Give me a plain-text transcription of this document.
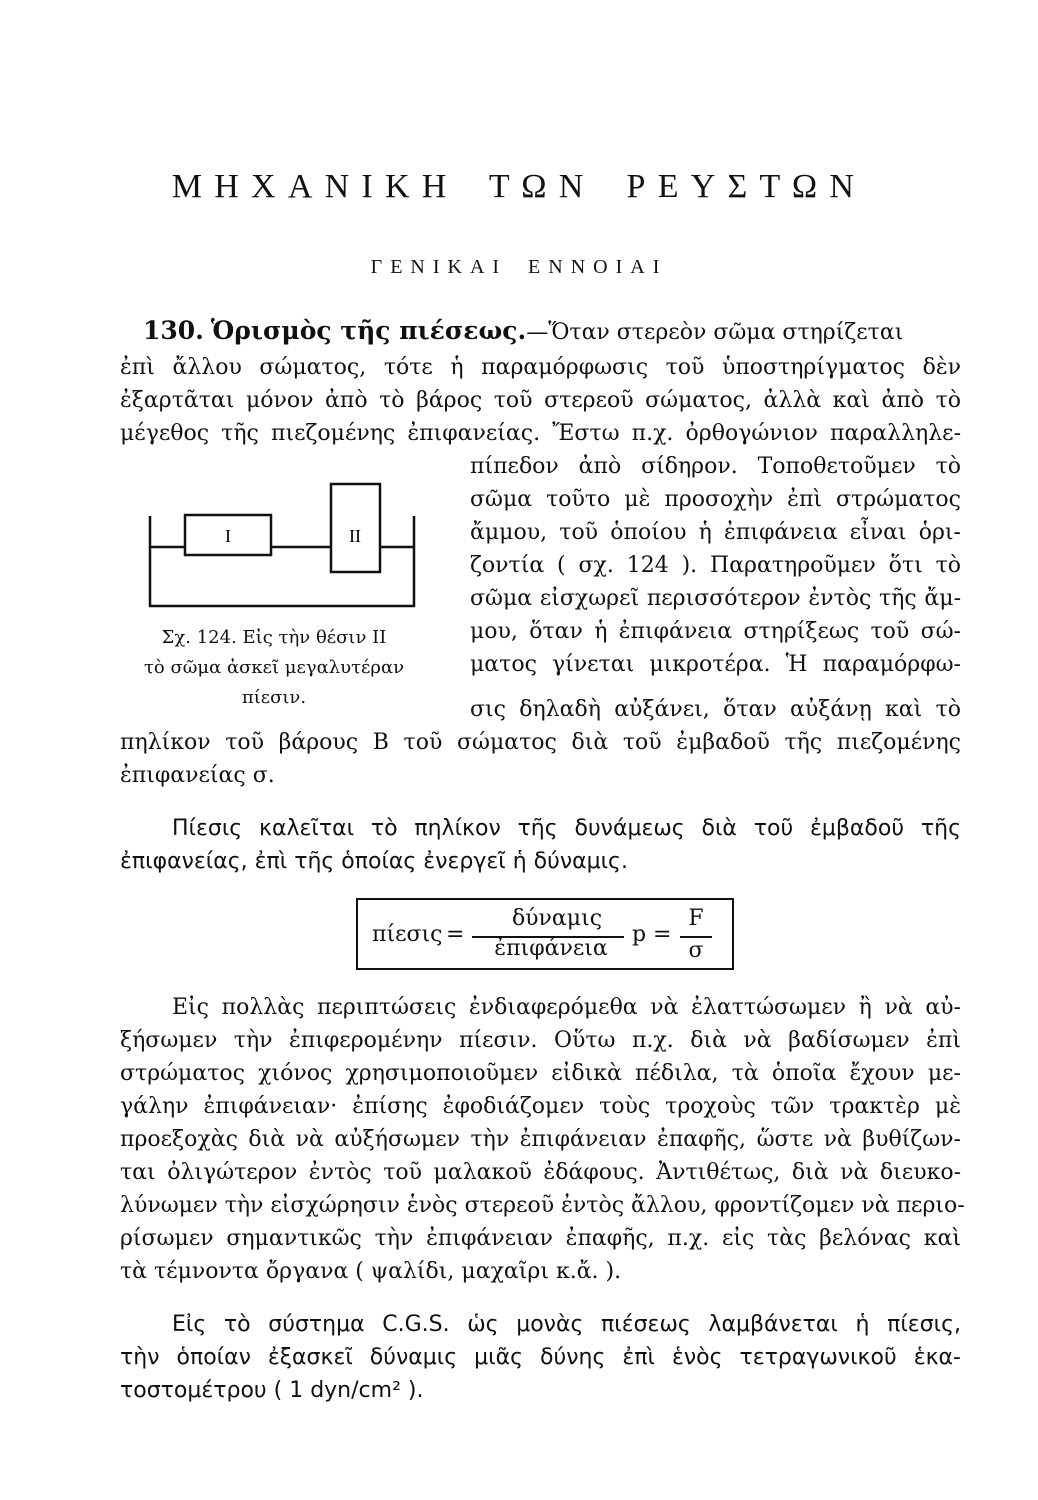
ΜΗΧΑΝΙΚΗ ΤΩΝ ΡΕΥΣΤΩΝ
ΓΕΝΙΚΑΙ ΕΝΝΟΙΑΙ
130. Ὁρισμὸς τῆς πιέσεως.—Ὅταν στερεὸν σῶμα στηρίζεται
ἐπὶ ἄλλου σώματος, τότε ἡ παραμόρφωσις τοῦ ὑποστηρίγματος δὲν
ἐξαρτᾶται μόνον ἀπὸ τὸ βάρος τοῦ στερεοῦ σώματος, ἀλλὰ καὶ ἀπὸ τὸ
μέγεθος τῆς πιεζομένης ἐπιφανείας. Ἔστω π.χ. ὀρθογώνιον παραλληλε-
πίπεδον ἀπὸ σίδηρον. Τοποθετοῦμεν τὸ
σῶμα τοῦτο μὲ προσοχὴν ἐπὶ στρώματος
ἄμμου, τοῦ ὁποίου ἡ ἐπιφάνεια εἶναι ὁρι-
ζοντία ( σχ. 124 ). Παρατηροῦμεν ὅτι τὸ
σῶμα εἰσχωρεῖ περισσότερον ἐντὸς τῆς ἄμ-
μου, ὅταν ἡ ἐπιφάνεια στηρίξεως τοῦ σώ-
ματος γίνεται μικροτέρα. Ἡ παραμόρφω-
σις δηλαδὴ αὐξάνει, ὅταν αὐξάνῃ καὶ τὸ
I	II
Σχ. 124. Εἰς τὴν θέσιν ΙΙ
τὸ σῶμα ἀσκεῖ μεγαλυτέραν
πίεσιν.
πηλίκον τοῦ βάρους Β τοῦ σώματος διὰ τοῦ ἐμβαδοῦ τῆς πιεζομένης
ἐπιφανείας σ.
Πίεσις καλεῖται τὸ πηλίκον τῆς δυνάμεως διὰ τοῦ ἐμβαδοῦ τῆς
ἐπιφανείας, ἐπὶ τῆς ὁποίας ἐνεργεῖ ἡ δύναμις.
πίεσις =
δύναμις
ἐπιφάνεια
p =
F
σ
Εἰς πολλὰς περιπτώσεις ἐνδιαφερόμεθα νὰ ἐλαττώσωμεν ἢ νὰ αὐ-
ξήσωμεν τὴν ἐπιφερομένην πίεσιν. Οὕτω π.χ. διὰ νὰ βαδίσωμεν ἐπὶ
στρώματος χιόνος χρησιμοποιοῦμεν εἰδικὰ πέδιλα, τὰ ὁποῖα ἔχουν με-
γάλην ἐπιφάνειαν· ἐπίσης ἐφοδιάζομεν τοὺς τροχοὺς τῶν τρακτὲρ μὲ
προεξοχὰς διὰ νὰ αὐξήσωμεν τὴν ἐπιφάνειαν ἐπαφῆς, ὥστε νὰ βυθίζων-
ται ὀλιγώτερον ἐντὸς τοῦ μαλακοῦ ἐδάφους. Ἀντιθέτως, διὰ νὰ διευκο-
λύνωμεν τὴν εἰσχώρησιν ἑνὸς στερεοῦ ἐντὸς ἄλλου, φροντίζομεν νὰ περιο-
ρίσωμεν σημαντικῶς τὴν ἐπιφάνειαν ἐπαφῆς, π.χ. εἰς τὰς βελόνας καὶ
τὰ τέμνοντα ὄργανα ( ψαλίδι, μαχαῖρι κ.ἄ. ).
Εἰς τὸ σύστημα C.G.S. ὡς μονὰς πιέσεως λαμβάνεται ἡ πίεσις,
τὴν ὁποίαν ἐξασκεῖ δύναμις μιᾶς δύνης ἐπὶ ἑνὸς τετραγωνικοῦ ἑκα-
τοστομέτρου ( 1 dyn/cm² ).
